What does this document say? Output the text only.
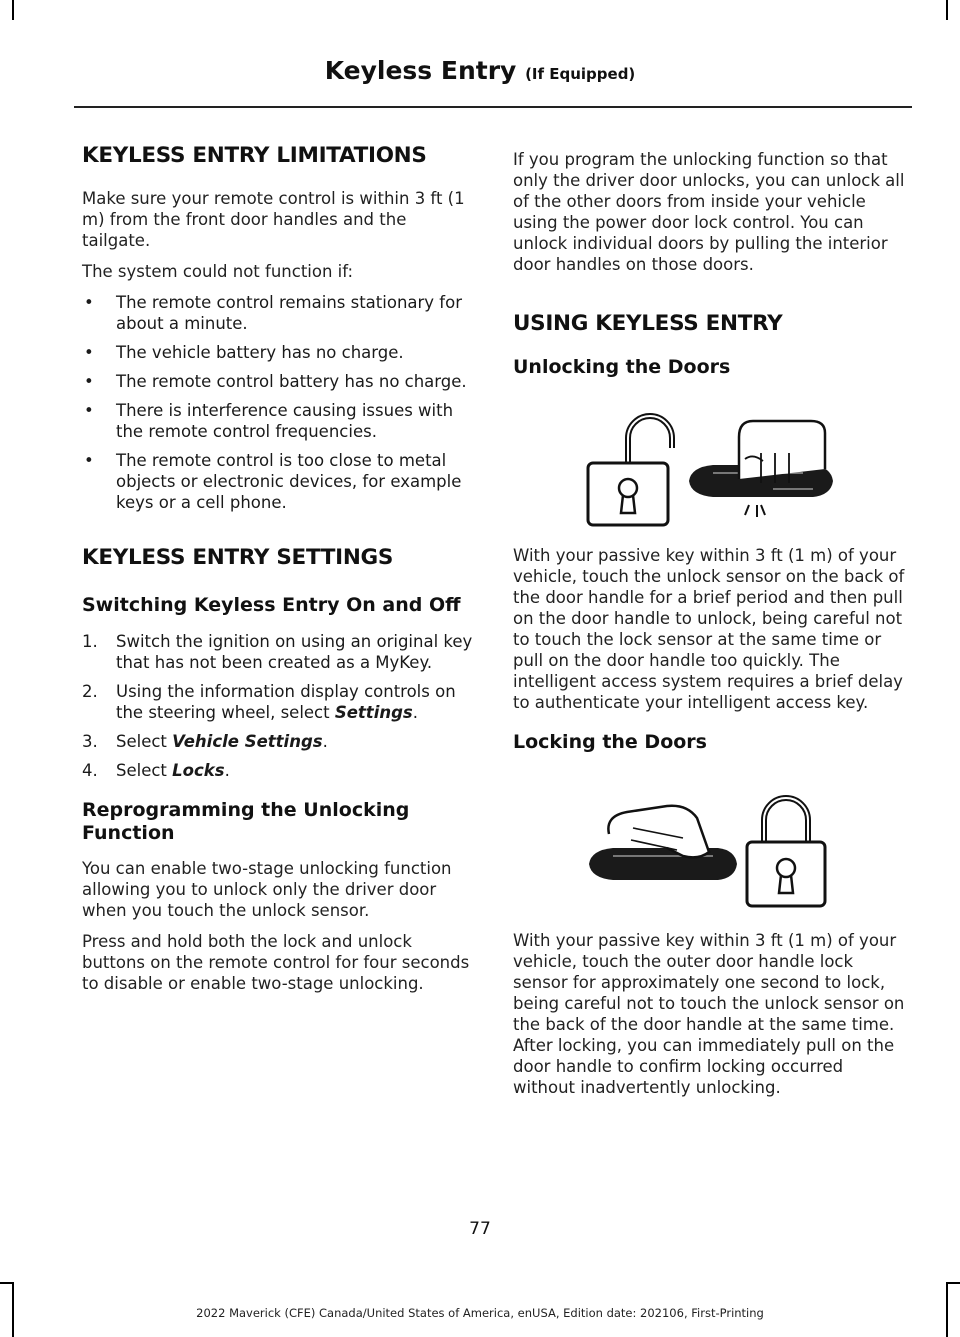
Keyless Entry (If Equipped)
KEYLESS ENTRY LIMITATIONS

Make sure your remote control is within 3 ft (1 m) from the front door handles and the tailgate.

The system could not function if:

• The remote control remains stationary for about a minute.
• The vehicle battery has no charge.
• The remote control battery has no charge.
• There is interference causing issues with the remote control frequencies.
• The remote control is too close to metal objects or electronic devices, for example keys or a cell phone.
KEYLESS ENTRY SETTINGS
Switching Keyless Entry On and Off
1. Switch the ignition on using an original key that has not been created as a MyKey.
2. Using the information display controls on the steering wheel, select Settings.
3. Select Vehicle Settings.
4. Select Locks.
Reprogramming the Unlocking Function

You can enable two-stage unlocking function allowing you to unlock only the driver door when you touch the unlock sensor.

Press and hold both the lock and unlock buttons on the remote control for four seconds to disable or enable two-stage unlocking.

If you program the unlocking function so that only the driver door unlocks, you can unlock all of the other doors from inside your vehicle using the power door lock control. You can unlock individual doors by pulling the interior door handles on those doors.

USING KEYLESS ENTRY
Unlocking the Doors

With your passive key within 3 ft (1 m) of your vehicle, touch the unlock sensor on the back of the door handle for a brief period and then pull on the door handle to unlock, being careful not to touch the lock sensor at the same time or pull on the door handle too quickly. The intelligent access system requires a brief delay to authenticate your intelligent access key.

Locking the Doors

With your passive key within 3 ft (1 m) of your vehicle, touch the outer door handle lock sensor for approximately one second to lock, being careful not to touch the unlock sensor on the back of the door handle at the same time. After locking, you can immediately pull on the door handle to confirm locking occurred without inadvertently unlocking.

77
2022 Maverick (CFE) Canada/United States of America, enUSA, Edition date: 202106, First-Printing
